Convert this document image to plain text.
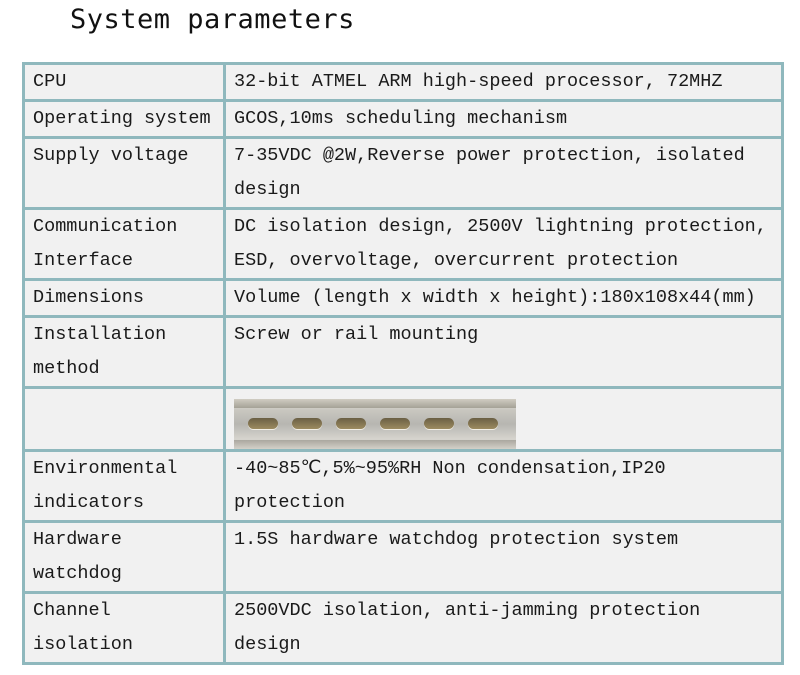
System parameters
CPU	32-bit ATMEL ARM high-speed processor, 72MHZ
Operating system	GCOS,10ms scheduling mechanism
Supply voltage	7-35VDC @2W,Reverse power protection, isolated design
Communication Interface	DC isolation design, 2500V lightning protection, ESD, overvoltage, overcurrent protection
Dimensions	Volume (length x width x height):180x108x44(mm)
Installation method	Screw or rail mounting

Environmental indicators	-40~85℃,5%~95%RH Non condensation,IP20 protection
Hardware watchdog	1.5S hardware watchdog protection system
Channel isolation	2500VDC isolation, anti-jamming protection design
